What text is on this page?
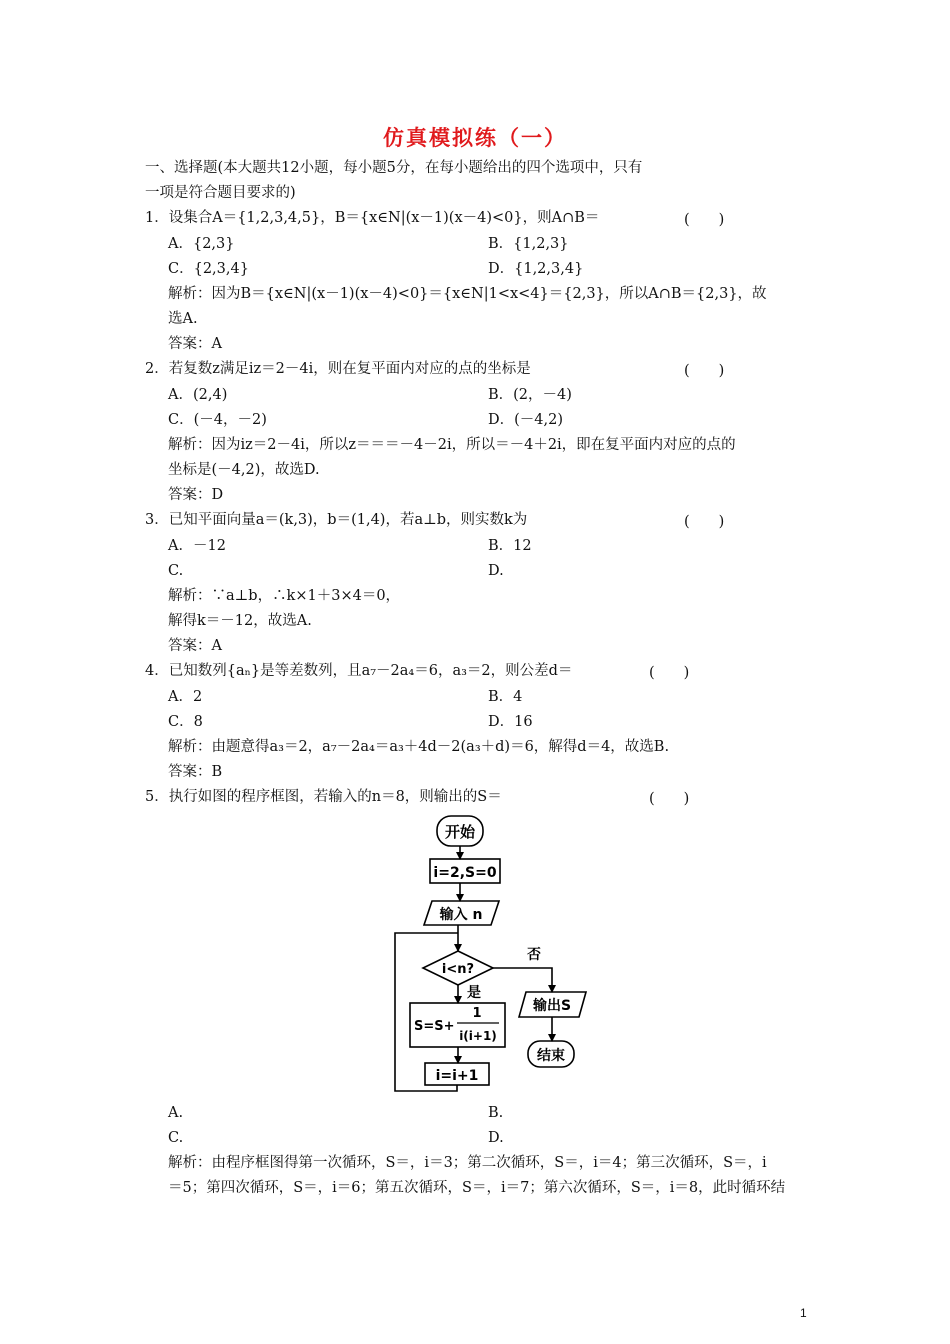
仿真模拟练（一）
一、选择题(本大题共12小题，每小题5分，在每小题给出的四个选项中，只有
一项是符合题目要求的)
1．设集合A＝{1,2,3,4,5}，B＝{x∈N|(x－1)(x－4)<0}，则A∩B＝	(　　)
A．{2,3}	B．{1,2,3}
C．{2,3,4}	D．{1,2,3,4}
解析：因为B＝{x∈N|(x－1)(x－4)<0}＝{x∈N|1<x<4}＝{2,3}，所以A∩B＝{2,3}，故
选A.
答案：A
2．若复数z满足iz＝2－4i，则在复平面内对应的点的坐标是	(　　)
A．(2,4)	B．(2，－4)
C．(－4，－2)	D．(－4,2)
解析：因为iz＝2－4i，所以z＝＝＝－4－2i，所以＝－4＋2i，即在复平面内对应的点的
坐标是(－4,2)，故选D.
答案：D
3．已知平面向量a＝(k,3)，b＝(1,4)，若a⊥b，则实数k为	(　　)
A．－12	B．12
C.	D.
解析：∵a⊥b，∴k×1＋3×4＝0，
解得k＝－12，故选A.
答案：A
4．已知数列{aₙ}是等差数列，且a₇－2a₄＝6，a₃＝2，则公差d＝	(　　)
A．2	B．4
C．8	D．16
解析：由题意得a₃＝2，a₇－2a₄＝a₃＋4d－2(a₃＋d)＝6，解得d＝4，故选B.
答案：B
5．执行如图的程序框图，若输入的n＝8，则输出的S＝	(　　)
开始
i=2,S=0
输入 n
i<n?
否
是
S=S+
1
i(i+1)
i=i+1
输出S
结束
A.	B.
C.	D.
解析：由程序框图得第一次循环，S＝，i＝3；第二次循环，S＝，i＝4；第三次循环，S＝，i
＝5；第四次循环，S＝，i＝6；第五次循环，S＝，i＝7；第六次循环，S＝，i＝8，此时循环结
1
